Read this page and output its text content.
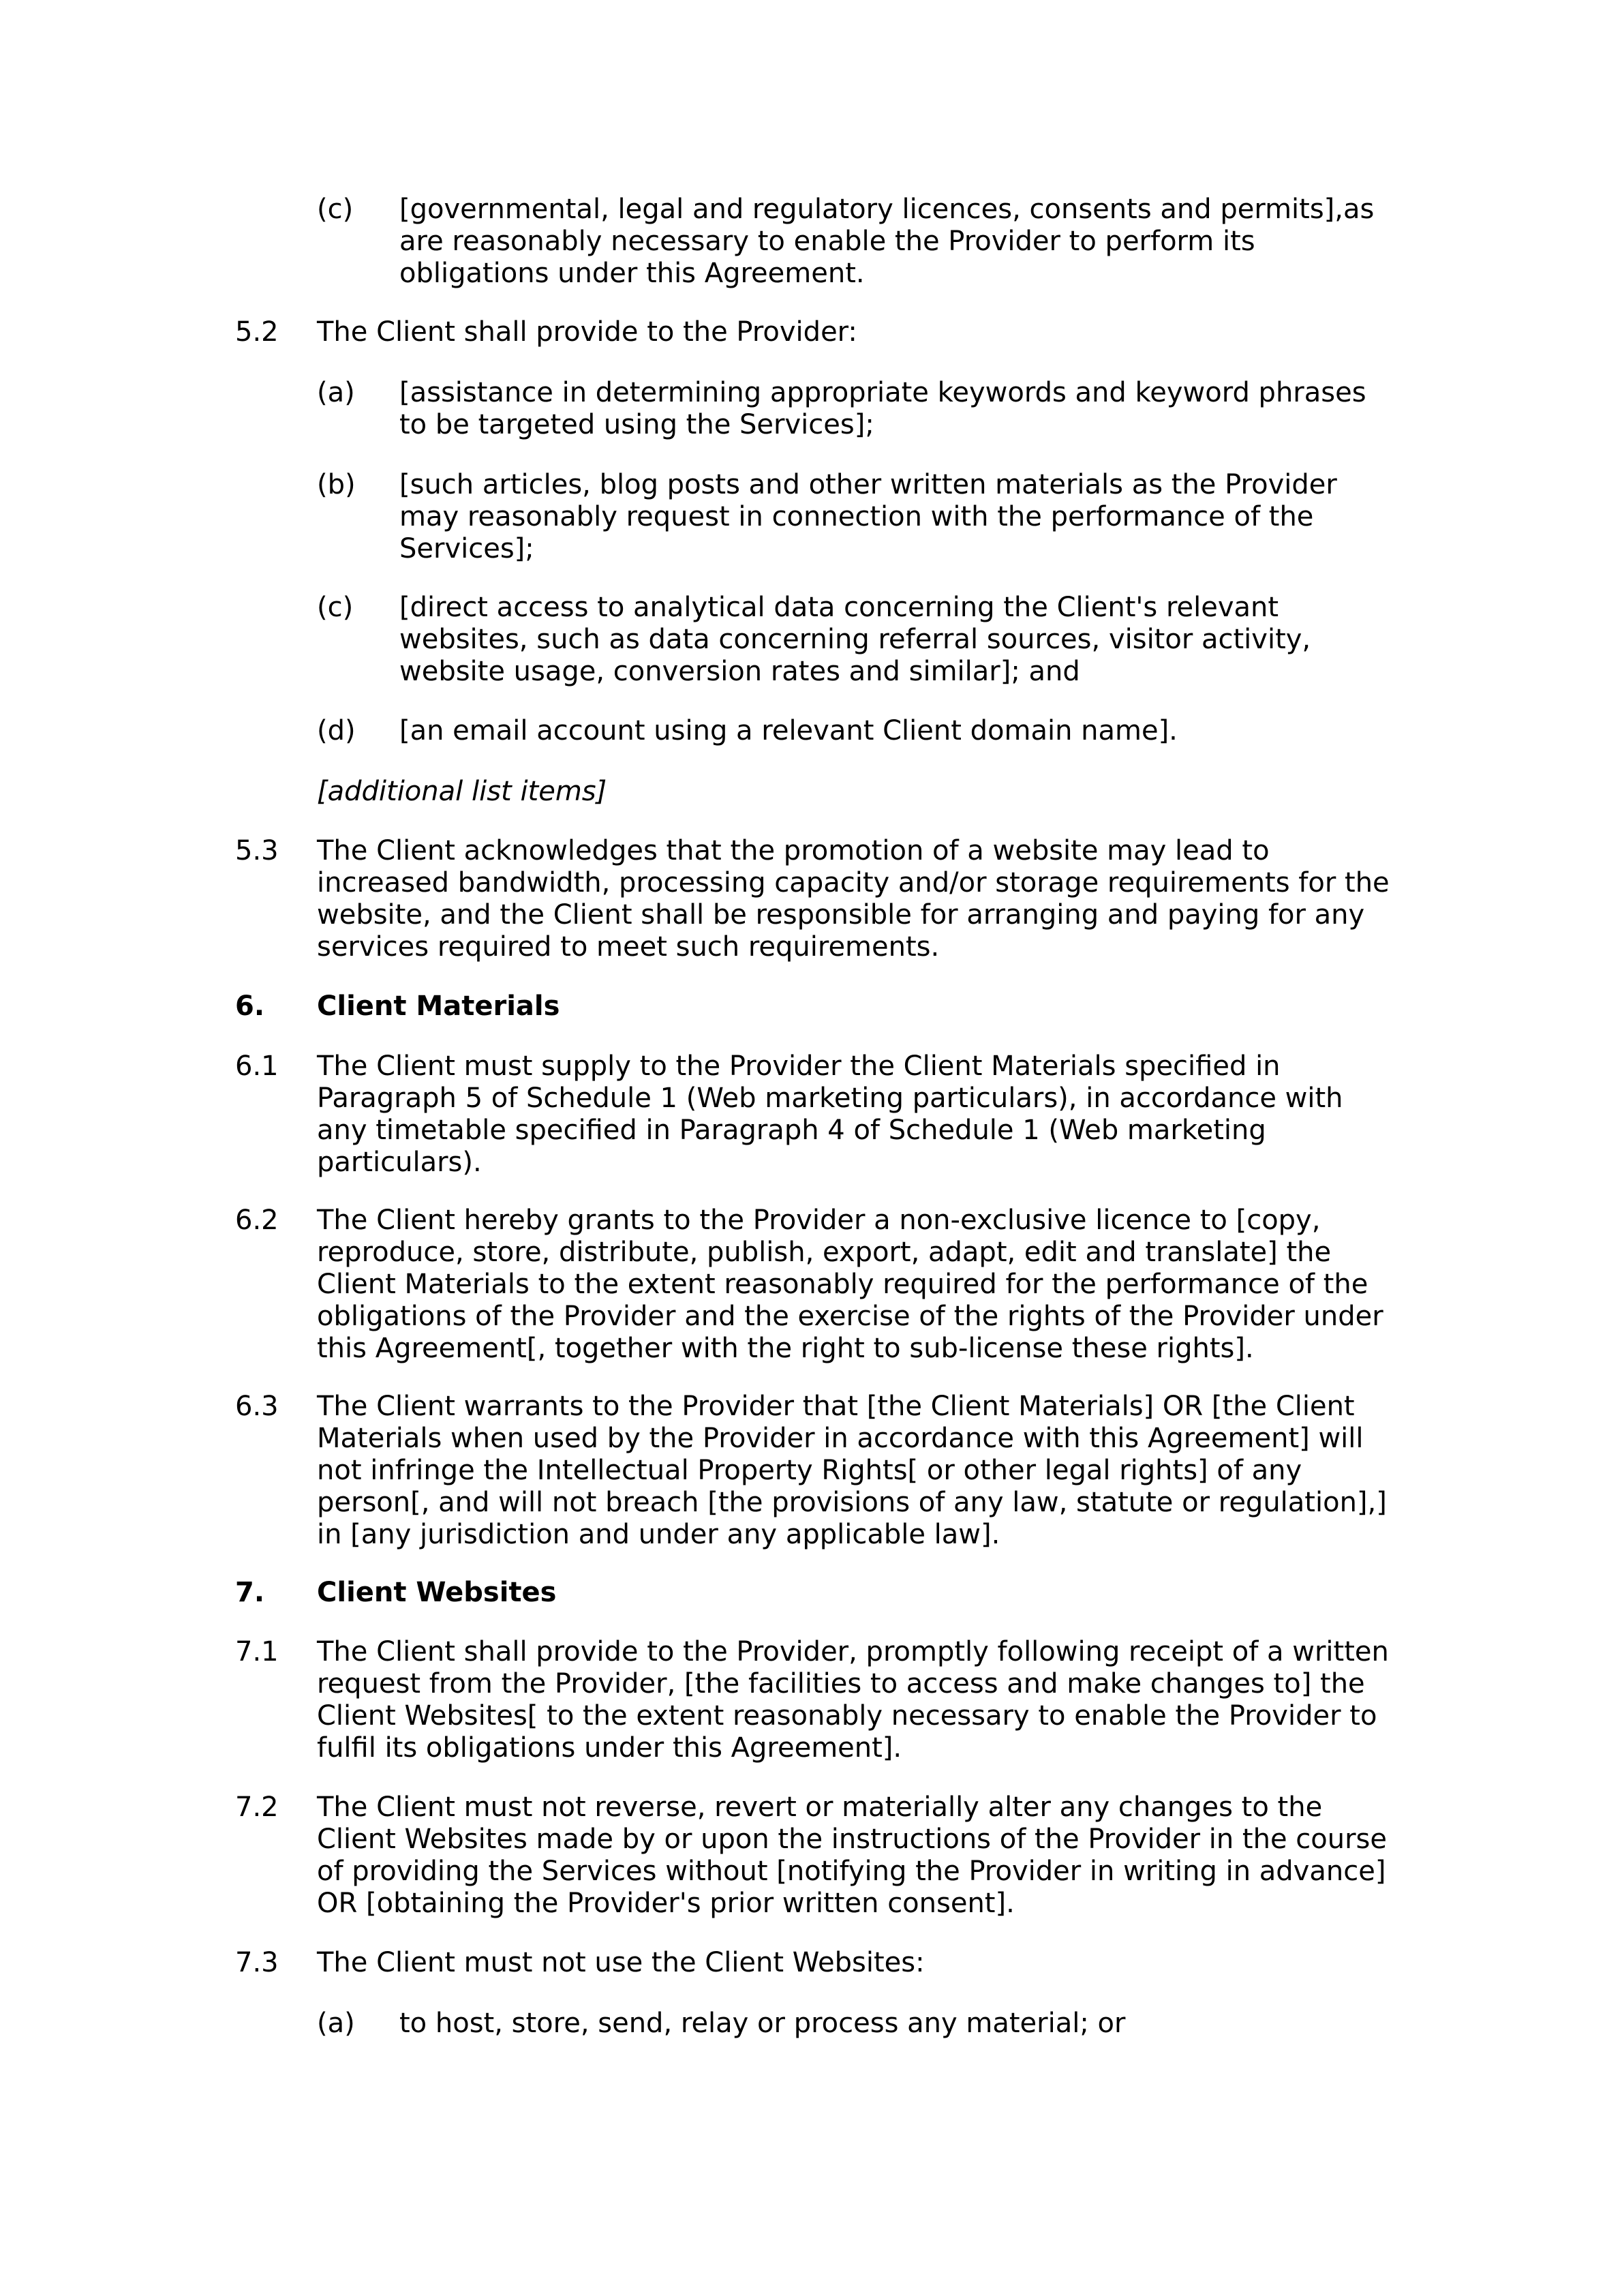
(c) [governmental, legal and regulatory licences, consents and permits],as
are reasonably necessary to enable the Provider to perform its
obligations under this Agreement.
5.2 The Client shall provide to the Provider:
(a) [assistance in determining appropriate keywords and keyword phrases
to be targeted using the Services];
(b) [such articles, blog posts and other written materials as the Provider
may reasonably request in connection with the performance of the
Services];
(c) [direct access to analytical data concerning the Client's relevant
websites, such as data concerning referral sources, visitor activity,
website usage, conversion rates and similar]; and
(d) [an email account using a relevant Client domain name].
[additional list items]
5.3 The Client acknowledges that the promotion of a website may lead to
increased bandwidth, processing capacity and/or storage requirements for the
website, and the Client shall be responsible for arranging and paying for any
services required to meet such requirements.
6. Client Materials
6.1 The Client must supply to the Provider the Client Materials specified in
Paragraph 5 of Schedule 1 (Web marketing particulars), in accordance with
any timetable specified in Paragraph 4 of Schedule 1 (Web marketing
particulars).
6.2 The Client hereby grants to the Provider a non-exclusive licence to [copy,
reproduce, store, distribute, publish, export, adapt, edit and translate] the
Client Materials to the extent reasonably required for the performance of the
obligations of the Provider and the exercise of the rights of the Provider under
this Agreement[, together with the right to sub-license these rights].
6.3 The Client warrants to the Provider that [the Client Materials] OR [the Client
Materials when used by the Provider in accordance with this Agreement] will
not infringe the Intellectual Property Rights[ or other legal rights] of any
person[, and will not breach [the provisions of any law, statute or regulation],]
in [any jurisdiction and under any applicable law].
7. Client Websites
7.1 The Client shall provide to the Provider, promptly following receipt of a written
request from the Provider, [the facilities to access and make changes to] the
Client Websites[ to the extent reasonably necessary to enable the Provider to
fulfil its obligations under this Agreement].
7.2 The Client must not reverse, revert or materially alter any changes to the
Client Websites made by or upon the instructions of the Provider in the course
of providing the Services without [notifying the Provider in writing in advance]
OR [obtaining the Provider's prior written consent].
7.3 The Client must not use the Client Websites:
(a) to host, store, send, relay or process any material; or
